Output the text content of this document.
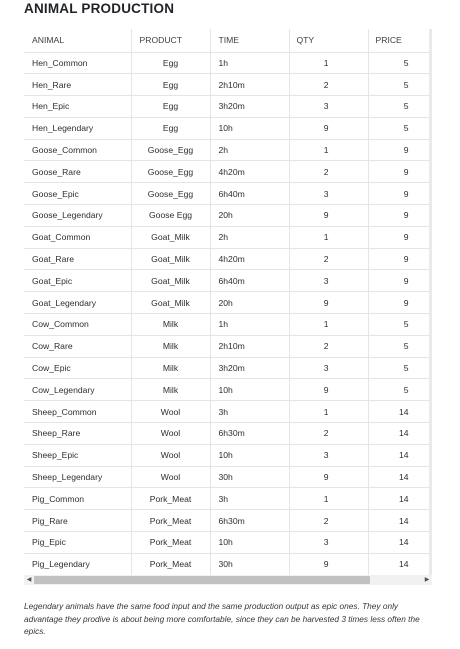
ANIMAL PRODUCTION
ANIMAL	PRODUCT	TIME	QTY	PRICE
Hen_Common	Egg	1h	1	5
Hen_Rare	Egg	2h10m	2	5
Hen_Epic	Egg	3h20m	3	5
Hen_Legendary	Egg	10h	9	5
Goose_Common	Goose_Egg	2h	1	9
Goose_Rare	Goose_Egg	4h20m	2	9
Goose_Epic	Goose_Egg	6h40m	3	9
Goose_Legendary	Goose Egg	20h	9	9
Goat_Common	Goat_Milk	2h	1	9
Goat_Rare	Goat_Milk	4h20m	2	9
Goat_Epic	Goat_Milk	6h40m	3	9
Goat_Legendary	Goat_Milk	20h	9	9
Cow_Common	Milk	1h	1	5
Cow_Rare	Milk	2h10m	2	5
Cow_Epic	Milk	3h20m	3	5
Cow_Legendary	Milk	10h	9	5
Sheep_Common	Wool	3h	1	14
Sheep_Rare	Wool	6h30m	2	14
Sheep_Epic	Wool	10h	3	14
Sheep_Legendary	Wool	30h	9	14
Pig_Common	Pork_Meat	3h	1	14
Pig_Rare	Pork_Meat	6h30m	2	14
Pig_Epic	Pork_Meat	10h	3	14
Pig_Legendary	Pork_Meat	30h	9	14
◀	▶

Legendary animals have the same food input and the same production output as epic ones. They only advantage they prodive is about being more comfortable, since they can be harvested 3 times less often the epics.
